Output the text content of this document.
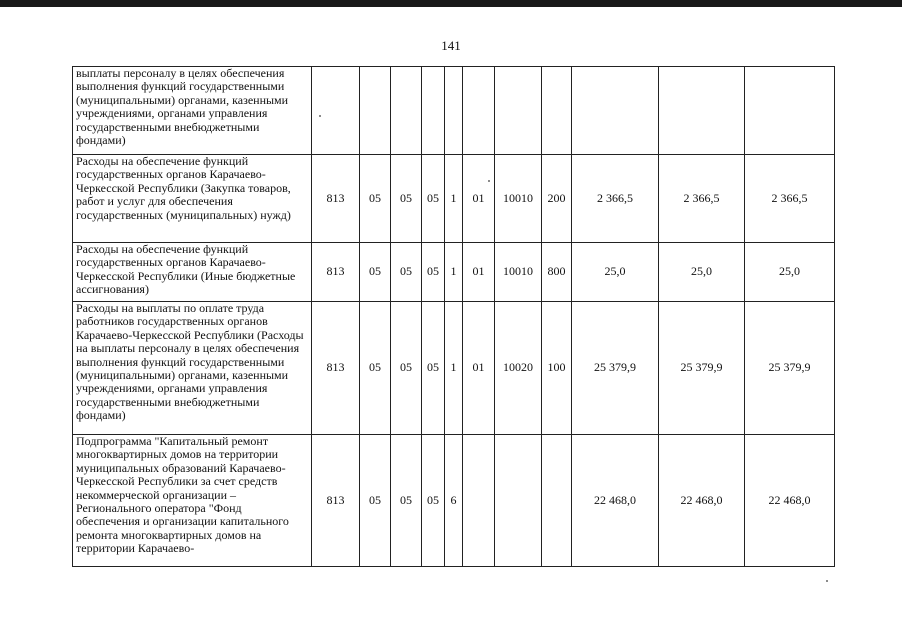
141
выплаты персоналу в целях обеспечения выполнения функций государственными (муниципальными) органами, казенными учреждениями, органами управления государственными внебюджетными фондами)											
Расходы на обеспечение функций государственных органов Карачаево-Черкесской Республики (Закупка товаров, работ и услуг для обеспечения государственных (муниципальных) нужд)	813	05	05	05	1	01	10010	200	2 366,5	2 366,5	2 366,5
Расходы на обеспечение функций государственных органов Карачаево-Черкесской Республики (Иные бюджетные ассигнования)	813	05	05	05	1	01	10010	800	25,0	25,0	25,0
Расходы на выплаты по оплате труда работников государственных органов Карачаево-Черкесской Республики (Расходы на выплаты персоналу в целях обеспечения выполнения функций государственными (муниципальными) органами, казенными учреждениями, органами управления государственными внебюджетными фондами)	813	05	05	05	1	01	10020	100	25 379,9	25 379,9	25 379,9
Подпрограмма "Капитальный ремонт многоквартирных домов на территории муниципальных образований Карачаево-Черкесской Республики за счет средств некоммерческой организации – Регионального оператора "Фонд обеспечения и организации капитального ремонта многоквартирных домов на территории Карачаево-	813	05	05	05	6				22 468,0	22 468,0	22 468,0
